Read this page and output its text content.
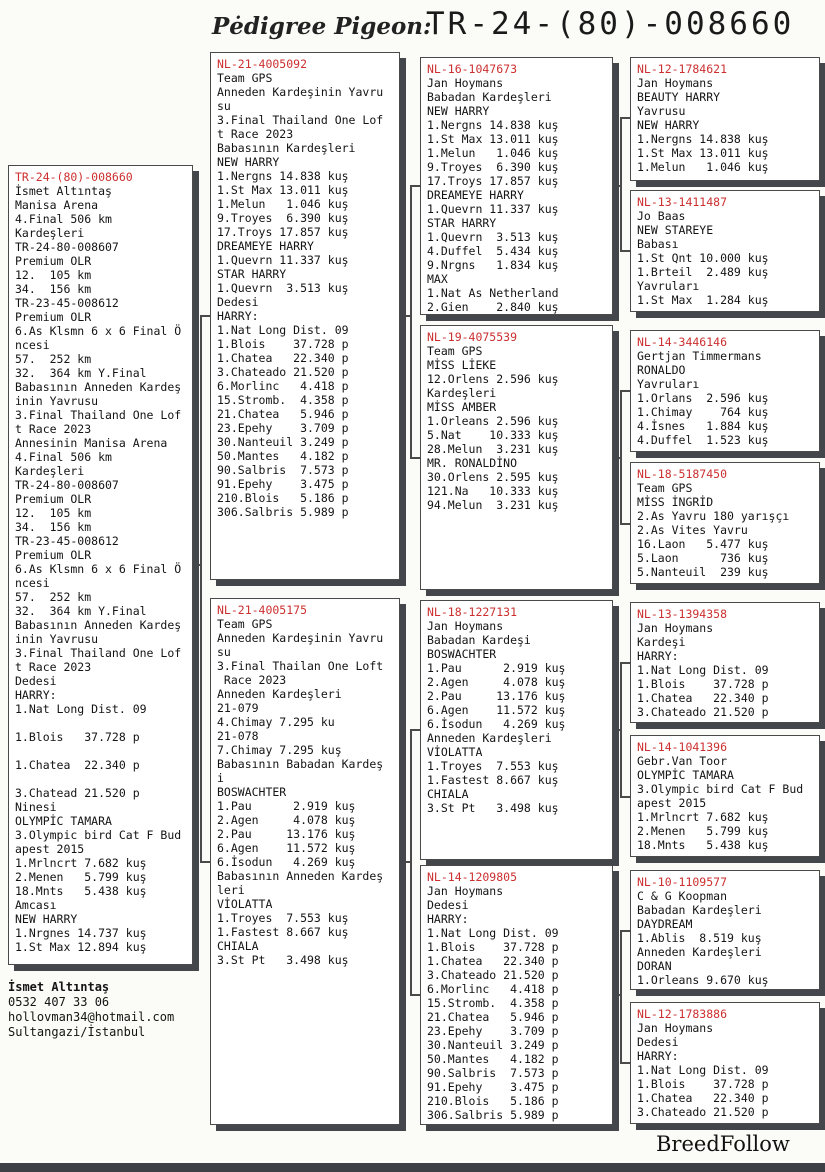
Pėdigree Pigeon:
TR-24-(80)-008660
TR-24-(80)-008660
İsmet Altıntaş
Manisa Arena
4.Final 506 km
Kardeşleri
TR-24-80-008607
Premium OLR
12.  105 km
34.  156 km
TR-23-45-008612
Premium OLR
6.As Klsmn 6 x 6 Final Ö
ncesi
57.  252 km
32.  364 km Y.Final
Babasının Anneden Kardeş
inin Yavrusu
3.Final Thailand One Lof
t Race 2023
Annesinin Manisa Arena
4.Final 506 km
Kardeşleri
TR-24-80-008607
Premium OLR
12.  105 km
34.  156 km
TR-23-45-008612
Premium OLR
6.As Klsmn 6 x 6 Final Ö
ncesi
57.  252 km
32.  364 km Y.Final
Babasının Anneden Kardeş
inin Yavrusu
3.Final Thailand One Lof
t Race 2023
Dedesi
HARRY:
1.Nat Long Dist. 09
1.Blois   37.728 p
1.Chatea  22.340 p
3.Chatead 21.520 p
Ninesi
OLYMPİC TAMARA
3.Olympic bird Cat F Bud
apest 2015
1.Mrlncrt 7.682 kuş
2.Menen   5.799 kuş
18.Mnts   5.438 kuş
Amcası
NEW HARRY
1.Nrgnes 14.737 kuş
1.St Max 12.894 kuş
NL-21-4005092
Team GPS
Anneden Kardeşinin Yavru
su
3.Final Thailand One Lof
t Race 2023
Babasının Kardeşleri
NEW HARRY
1.Nergns 14.838 kuş
1.St Max 13.011 kuş
1.Melun   1.046 kuş
9.Troyes  6.390 kuş
17.Troys 17.857 kuş
DREAMEYE HARRY
1.Quevrn 11.337 kuş
STAR HARRY
1.Quevrn  3.513 kuş
Dedesi
HARRY:
1.Nat Long Dist. 09
1.Blois    37.728 p
1.Chatea   22.340 p
3.Chateado 21.520 p
6.Morlinc   4.418 p
15.Stromb.  4.358 p
21.Chatea   5.946 p
23.Epehy    3.709 p
30.Nanteuil 3.249 p
50.Mantes   4.182 p
90.Salbris  7.573 p
91.Epehy    3.475 p
210.Blois   5.186 p
306.Salbris 5.989 p
NL-21-4005175
Team GPS
Anneden Kardeşinin Yavru
su
3.Final Thailan One Loft
Race 2023
Anneden Kardeşleri
21-079
4.Chimay 7.295 ku
21-078
7.Chimay 7.295 kuş
Babasının Babadan Kardeş
i
BOSWACHTER
1.Pau      2.919 kuş
2.Agen     4.078 kuş
2.Pau     13.176 kuş
6.Agen    11.572 kuş
6.İsodun   4.269 kuş
Babasının Anneden Kardeş
leri
VİOLATTA
1.Troyes  7.553 kuş
1.Fastest 8.667 kuş
CHIALA
3.St Pt   3.498 kuş
NL-16-1047673
Jan Hoymans
Babadan Kardeşleri
NEW HARRY
1.Nergns 14.838 kuş
1.St Max 13.011 kuş
1.Melun   1.046 kuş
9.Troyes  6.390 kuş
17.Troys 17.857 kuş
DREAMEYE HARRY
1.Quevrn 11.337 kuş
STAR HARRY
1.Quevrn  3.513 kuş
4.Duffel  5.434 kuş
9.Nrgns   1.834 kuş
MAX
1.Nat As Netherland
2.Gien    2.840 kuş
NL-19-4075539
Team GPS
MİSS LİEKE
12.Orlens 2.596 kuş
Kardeşleri
MİSS AMBER
1.Orleans 2.596 kuş
5.Nat    10.333 kuş
28.Melun  3.231 kuş
MR. RONALDİNO
30.Orlens 2.595 kuş
121.Na   10.333 kuş
94.Melun  3.231 kuş
NL-18-1227131
Jan Hoymans
Babadan Kardeşi
BOSWACHTER
1.Pau      2.919 kuş
2.Agen     4.078 kuş
2.Pau     13.176 kuş
6.Agen    11.572 kuş
6.İsodun   4.269 kuş
Anneden Kardeşleri
VİOLATTA
1.Troyes  7.553 kuş
1.Fastest 8.667 kuş
CHIALA
3.St Pt   3.498 kuş
NL-14-1209805
Jan Hoymans
Dedesi
HARRY:
1.Nat Long Dist. 09
1.Blois    37.728 p
1.Chatea   22.340 p
3.Chateado 21.520 p
6.Morlinc   4.418 p
15.Stromb.  4.358 p
21.Chatea   5.946 p
23.Epehy    3.709 p
30.Nanteuil 3.249 p
50.Mantes   4.182 p
90.Salbris  7.573 p
91.Epehy    3.475 p
210.Blois   5.186 p
306.Salbris 5.989 p
NL-12-1784621
Jan Hoymans
BEAUTY HARRY
Yavrusu
NEW HARRY
1.Nergns 14.838 kuş
1.St Max 13.011 kuş
1.Melun   1.046 kuş
NL-13-1411487
Jo Baas
NEW STAREYE
Babası
1.St Qnt 10.000 kuş
1.Brteil  2.489 kuş
Yavruları
1.St Max  1.284 kuş
NL-14-3446146
Gertjan Timmermans
RONALDO
Yavruları
1.Orlans  2.596 kuş
1.Chimay    764 kuş
4.İsnes   1.884 kuş
4.Duffel  1.523 kuş
NL-18-5187450
Team GPS
MİSS İNGRİD
2.As Yavru 180 yarışçı
2.As Vites Yavru
16.Laon   5.477 kuş
5.Laon      736 kuş
5.Nanteuil  239 kuş
NL-13-1394358
Jan Hoymans
Kardeşi
HARRY:
1.Nat Long Dist. 09
1.Blois    37.728 p
1.Chatea   22.340 p
3.Chateado 21.520 p
NL-14-1041396
Gebr.Van Toor
OLYMPİC TAMARA
3.Olympic bird Cat F Bud
apest 2015
1.Mrlncrt 7.682 kuş
2.Menen   5.799 kuş
18.Mnts   5.438 kuş
NL-10-1109577
C & G Koopman
Babadan Kardeşleri
DAYDREAM
1.Ablis  8.519 kuş
Anneden Kardeşleri
DORAN
1.Orleans 9.670 kuş
NL-12-1783886
Jan Hoymans
Dedesi
HARRY:
1.Nat Long Dist. 09
1.Blois    37.728 p
1.Chatea   22.340 p
3.Chateado 21.520 p
İsmet Altıntaş
0532 407 33 06
hollovman34@hotmail.com
Sultangazi/İstanbul
BreedFollow
